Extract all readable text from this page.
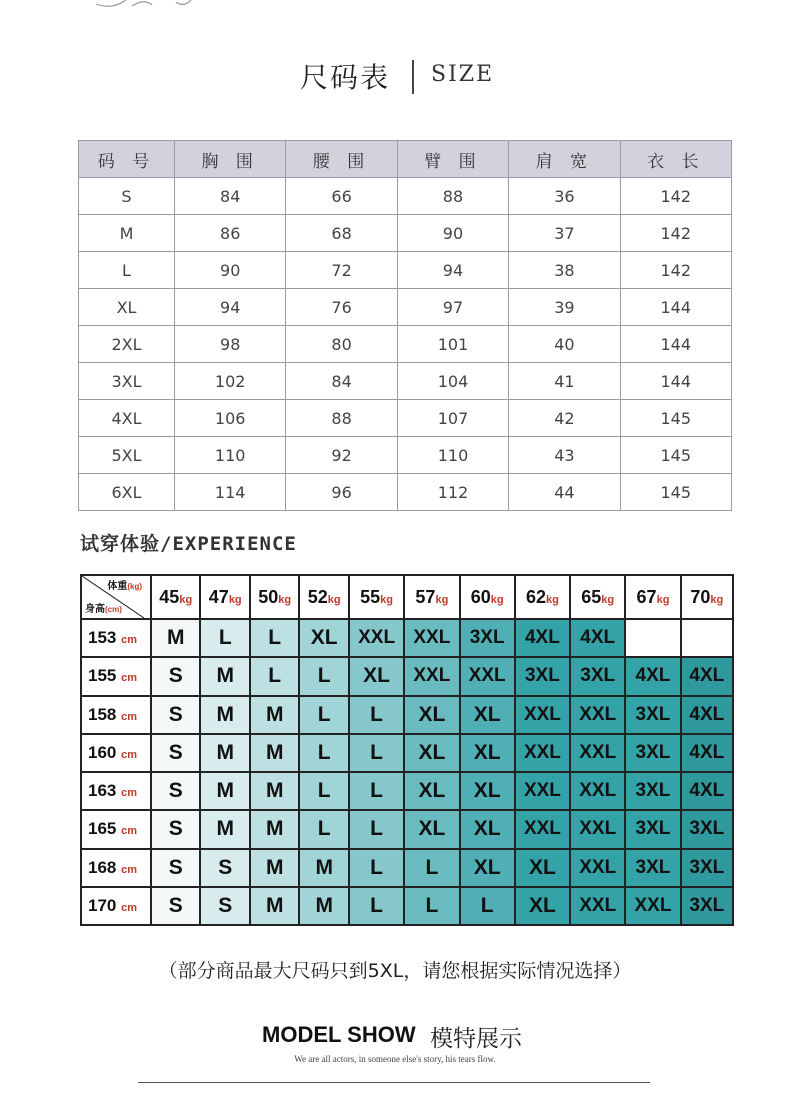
尺码表 SIZE
码 号	胸 围	腰 围	臂 围	肩 宽	衣 长
S	84	66	88	36	142
M	86	68	90	37	142
L	90	72	94	38	142
XL	94	76	97	39	144
2XL	98	80	101	40	144
3XL	102	84	104	41	144
4XL	106	88	107	42	145
5XL	110	92	110	43	145
6XL	114	96	112	44	145
试穿体验/EXPERIENCE
体重(kg)
身高(cm)	45kg	47kg	50kg	52kg	55kg	57kg	60kg	62kg	65kg	67kg	70kg
153 cm	M	L	L	XL	XXL	XXL	3XL	4XL	4XL		
155 cm	S	M	L	L	XL	XXL	XXL	3XL	3XL	4XL	4XL
158 cm	S	M	M	L	L	XL	XL	XXL	XXL	3XL	4XL
160 cm	S	M	M	L	L	XL	XL	XXL	XXL	3XL	4XL
163 cm	S	M	M	L	L	XL	XL	XXL	XXL	3XL	4XL
165 cm	S	M	M	L	L	XL	XL	XXL	XXL	3XL	3XL
168 cm	S	S	M	M	L	L	XL	XL	XXL	3XL	3XL
170 cm	S	S	M	M	L	L	L	XL	XXL	XXL	3XL
（部分商品最大尺码只到5XL，请您根据实际情况选择）
MODEL SHOW 模特展示
We are all actors, in someone else's story, his tears flow.
